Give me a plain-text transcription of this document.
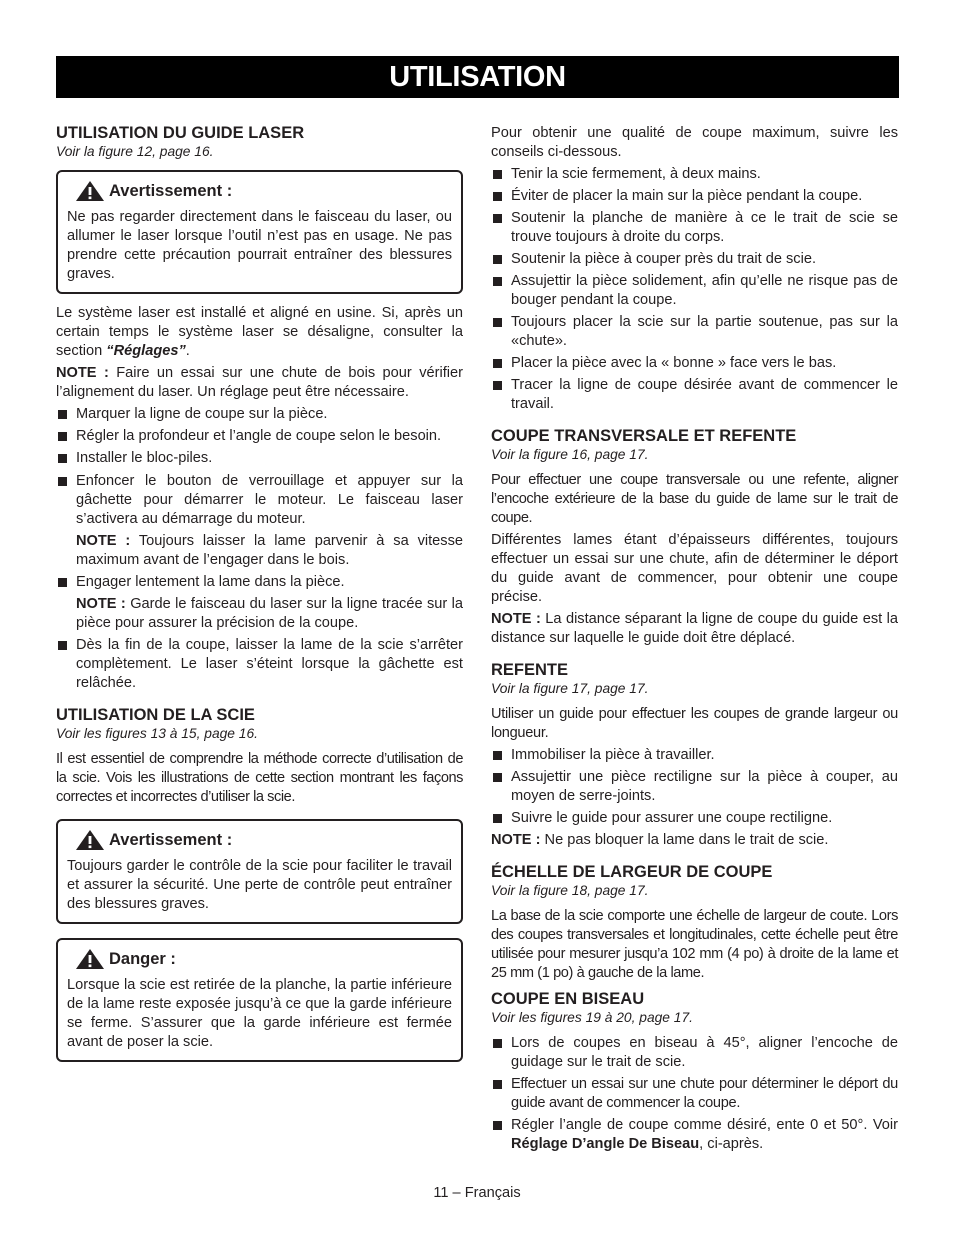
UTILISATION
UTILISATION DU GUIDE LASER
Voir la figure 12, page 16.
Avertissement :

Ne pas regarder directement dans le faisceau du laser, ou allumer le laser lorsque l’outil n’est pas en usage. Ne pas prendre cette précaution pourrait entraîner des blessures graves.

Le système laser est installé et aligné en usine. Si, après un certain temps le système laser se désaligne, consulter la section “Réglages”.

NOTE : Faire un essai sur une chute de bois pour vérifier l’alignement du laser. Un réglage peut être nécessaire.

Marquer la ligne de coupe sur la pièce.
Régler la profondeur et l’angle de coupe selon le besoin.
Installer le bloc-piles.
Enfoncer le bouton de verrouillage et appuyer sur la gâchette pour démarrer le moteur. Le faisceau laser s’activera au démarrage du moteur.

NOTE : Toujours laisser la lame parvenir à sa vitesse maximum avant de l’engager dans le bois.

Engager lentement la lame dans la pièce.

NOTE : Garde le faisceau du laser sur la ligne tracée sur la pièce pour assurer la précision de la coupe.

Dès la fin de la coupe, laisser la lame de la scie s’arrêter complètement. Le laser s’éteint lorsque la gâchette est relâchée.
UTILISATION DE LA SCIE
Voir les figures 13 à 15, page 16.

Il est essentiel de comprendre la méthode correcte d’utilisation de la scie. Vois les illustrations de cette section montrant les façons correctes et incorrectes d’utiliser la scie.

Avertissement :

Toujours garder le contrôle de la scie pour faciliter le travail et assurer la sécurité. Une perte de contrôle peut entraîner des blessures graves.

Danger :

Lorsque la scie est retirée de la planche, la partie inférieure de la lame reste exposée jusqu’à ce que la garde inférieure se ferme. S’assurer que la garde inférieure est fermée avant de poser la scie.

Pour obtenir une qualité de coupe maximum, suivre les conseils ci-dessous.

Tenir la scie fermement, à deux mains.
Éviter de placer la main sur la pièce pendant la coupe.
Soutenir la planche de manière à ce le trait de scie se trouve toujours à droite du corps.
Soutenir la pièce à couper près du trait de scie.
Assujettir la pièce solidement, afin qu’elle ne risque pas de bouger pendant la coupe.
Toujours placer la scie sur la partie soutenue, pas sur la «chute».
Placer la pièce avec la « bonne » face vers le bas.
Tracer la ligne de coupe désirée avant de commencer le travail.
COUPE TRANSVERSALE ET REFENTE
Voir la figure 16, page 17.

Pour effectuer une coupe transversale ou une refente, aligner l’encoche extérieure de la base du guide de lame sur le trait de coupe.

Différentes lames étant d’épaisseurs différentes, toujours effectuer un essai sur une chute, afin de déterminer le déport du guide avant de commencer, pour obtenir une coupe précise.

NOTE : La distance séparant la ligne de coupe du guide est la distance sur laquelle le guide doit être déplacé.

REFENTE
Voir la figure 17, page 17.

Utiliser un guide pour effectuer les coupes de grande largeur ou longueur.

Immobiliser la pièce à travailler.
Assujettir une pièce rectiligne sur la pièce à couper, au moyen de serre-joints.
Suivre le guide pour assurer une coupe rectiligne.

NOTE : Ne pas bloquer la lame dans le trait de scie.

ÉCHELLE DE LARGEUR DE COUPE
Voir la figure 18, page 17.

La base de la scie comporte une échelle de largeur de coute. Lors des coupes transversales et longitudinales, cette échelle peut être utilisée pour mesurer jusqu’a 102 mm (4 po) à droite de la lame et 25 mm (1 po) à gauche de la lame.

COUPE EN BISEAU
Voir les figures 19 à 20, page 17.
Lors de coupes en biseau à 45°, aligner l’encoche de guidage sur le trait de scie.
Effectuer un essai sur une chute pour déterminer le déport du guide avant de commencer la coupe.
Régler l’angle de coupe comme désiré, ente 0 et 50°. Voir Réglage D’angle De Biseau, ci-après.
11 – Français
